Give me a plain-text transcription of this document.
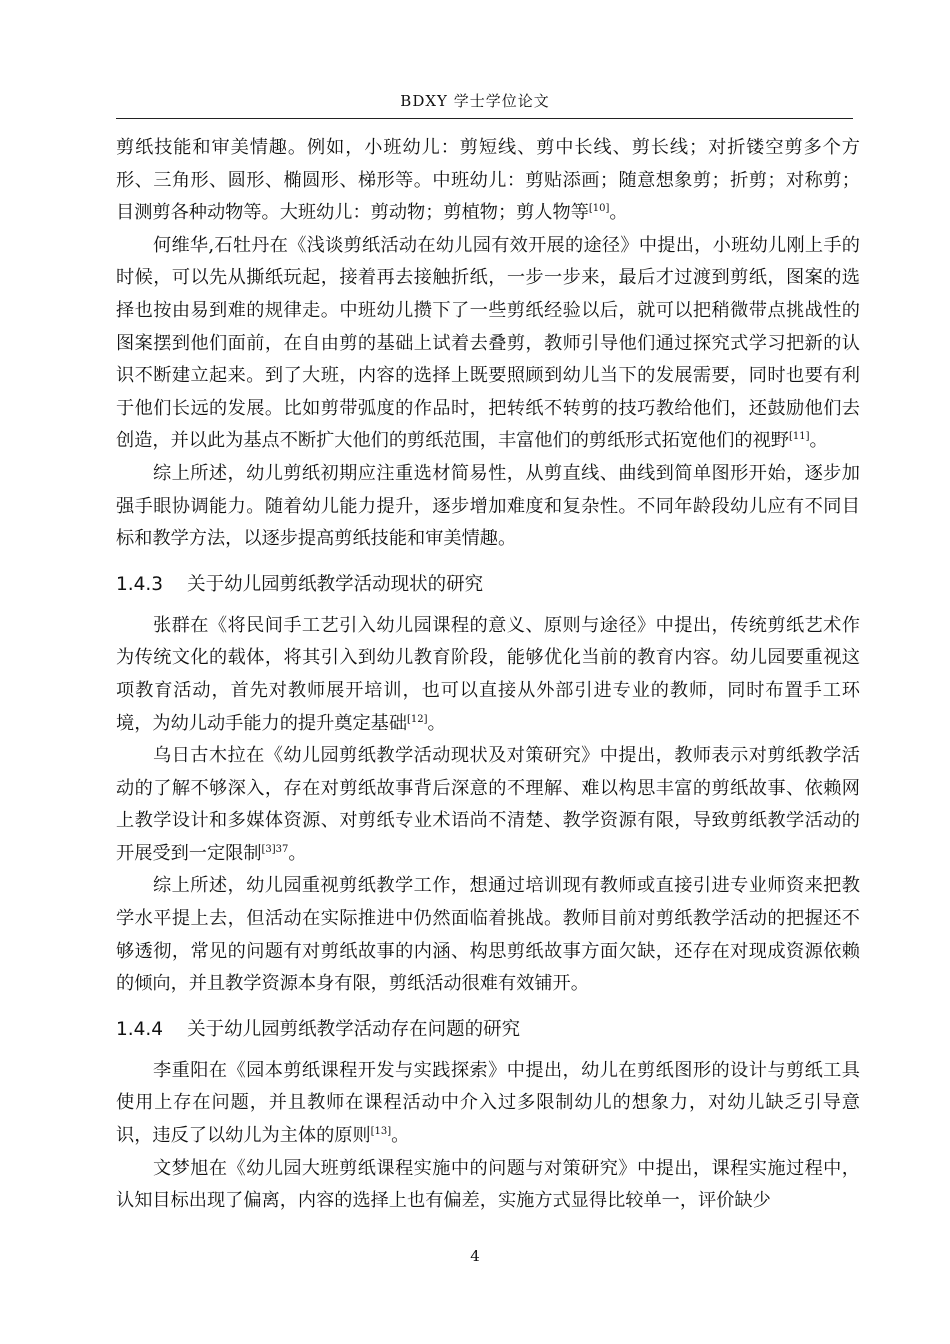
BDXY 学士学位论文

剪纸技能和审美情趣。例如，小班幼儿：剪短线、剪中长线、剪长线；对折镂空剪多个方形、三角形、圆形、椭圆形、梯形等。中班幼儿：剪贴添画；随意想象剪；折剪；对称剪；目测剪各种动物等。大班幼儿：剪动物；剪植物；剪人物等[10]。

何维华,石牡丹在《浅谈剪纸活动在幼儿园有效开展的途径》中提出，小班幼儿刚上手的时候，可以先从撕纸玩起，接着再去接触折纸，一步一步来，最后才过渡到剪纸，图案的选择也按由易到难的规律走。中班幼儿攒下了一些剪纸经验以后，就可以把稍微带点挑战性的图案摆到他们面前，在自由剪的基础上试着去叠剪，教师引导他们通过探究式学习把新的认识不断建立起来。到了大班，内容的选择上既要照顾到幼儿当下的发展需要，同时也要有利于他们长远的发展。比如剪带弧度的作品时，把转纸不转剪的技巧教给他们，还鼓励他们去创造，并以此为基点不断扩大他们的剪纸范围，丰富他们的剪纸形式拓宽他们的视野[11]。

综上所述，幼儿剪纸初期应注重选材简易性，从剪直线、曲线到简单图形开始，逐步加强手眼协调能力。随着幼儿能力提升，逐步增加难度和复杂性。不同年龄段幼儿应有不同目标和教学方法，以逐步提高剪纸技能和审美情趣。

1.4.3 关于幼儿园剪纸教学活动现状的研究

张群在《将民间手工艺引入幼儿园课程的意义、原则与途径》中提出，传统剪纸艺术作为传统文化的载体，将其引入到幼儿教育阶段，能够优化当前的教育内容。幼儿园要重视这项教育活动，首先对教师展开培训，也可以直接从外部引进专业的教师，同时布置手工环境，为幼儿动手能力的提升奠定基础[12]。

乌日古木拉在《幼儿园剪纸教学活动现状及对策研究》中提出，教师表示对剪纸教学活动的了解不够深入，存在对剪纸故事背后深意的不理解、难以构思丰富的剪纸故事、依赖网上教学设计和多媒体资源、对剪纸专业术语尚不清楚、教学资源有限，导致剪纸教学活动的开展受到一定限制$^{[3]37}$。

综上所述，幼儿园重视剪纸教学工作，想通过培训现有教师或直接引进专业师资来把教学水平提上去，但活动在实际推进中仍然面临着挑战。教师目前对剪纸教学活动的把握还不够透彻，常见的问题有对剪纸故事的内涵、构思剪纸故事方面欠缺，还存在对现成资源依赖的倾向，并且教学资源本身有限，剪纸活动很难有效铺开。

1.4.4 关于幼儿园剪纸教学活动存在问题的研究

李重阳在《园本剪纸课程开发与实践探索》中提出，幼儿在剪纸图形的设计与剪纸工具使用上存在问题，并且教师在课程活动中介入过多限制幼儿的想象力，对幼儿缺乏引导意识，违反了以幼儿为主体的原则[13]。

文梦旭在《幼儿园大班剪纸课程实施中的问题与对策研究》中提出，课程实施过程中，认知目标出现了偏离，内容的选择上也有偏差，实施方式显得比较单一，评价缺少

4
